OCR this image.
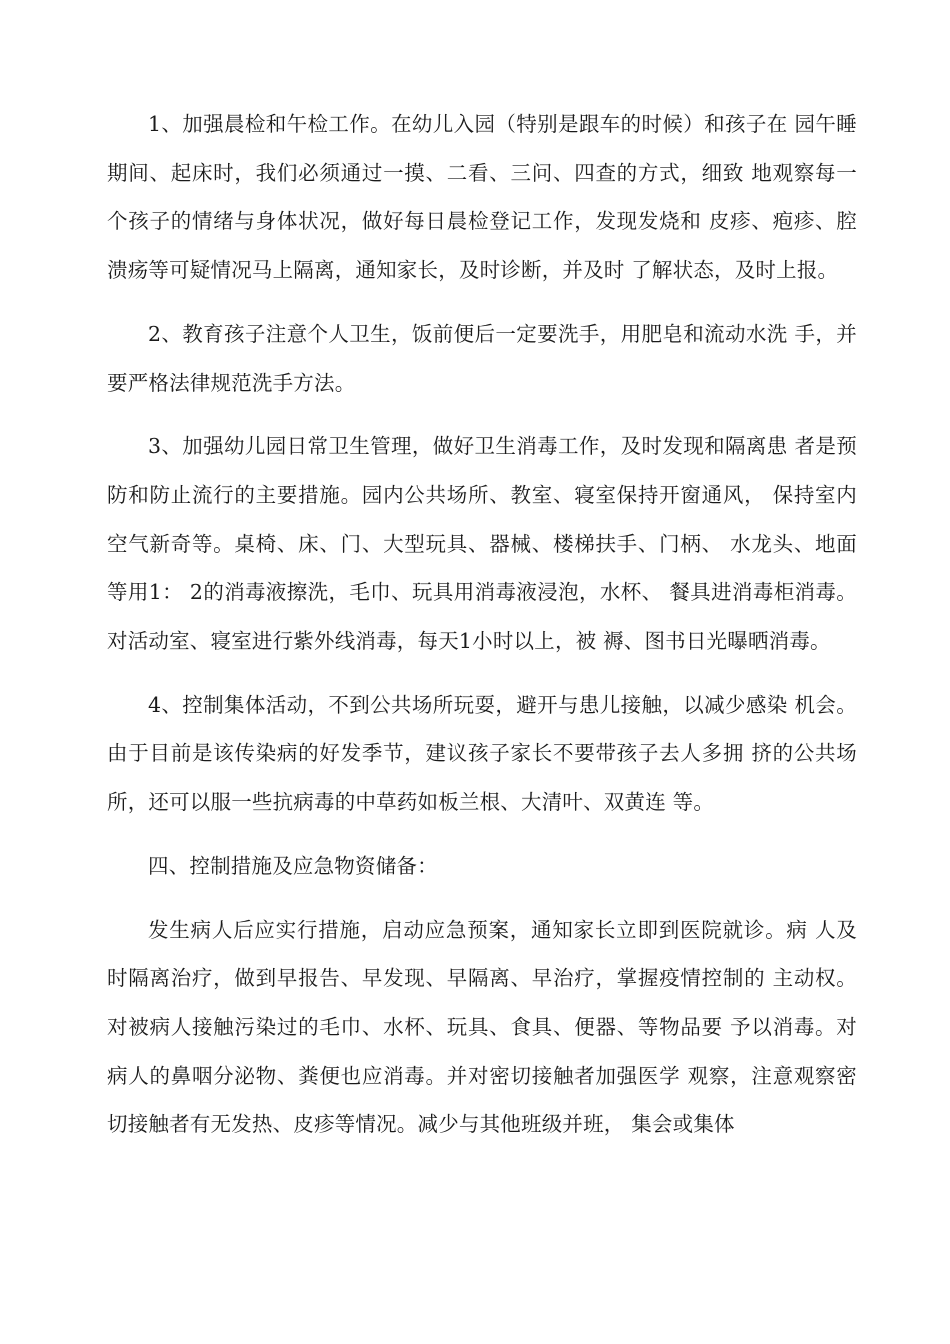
1、加强晨检和午检工作。在幼儿入园（特别是跟车的时候）和孩子在 园午睡期间、起床时，我们必须通过一摸、二看、三问、四查的方式，细致 地观察每一个孩子的情绪与身体状况，做好每日晨检登记工作，发现发烧和 皮疹、疱疹、腔溃疡等可疑情况马上隔离，通知家长，及时诊断，并及时 了解状态，及时上报。

2、教育孩子注意个人卫生，饭前便后一定要洗手，用肥皂和流动水洗 手，并要严格法律规范洗手方法。

3、加强幼儿园日常卫生管理，做好卫生消毒工作，及时发现和隔离患 者是预防和防止流行的主要措施。园内公共场所、教室、寝室保持开窗通风， 保持室内空气新奇等。桌椅、床、门、大型玩具、器械、楼梯扶手、门柄、 水龙头、地面等用1： 2的消毒液擦洗，毛巾、玩具用消毒液浸泡，水杯、 餐具进消毒柜消毒。对活动室、寝室进行紫外线消毒，每天1小时以上，被 褥、图书日光曝晒消毒。

4、控制集体活动，不到公共场所玩耍，避开与患儿接触，以减少感染 机会。由于目前是该传染病的好发季节，建议孩子家长不要带孩子去人多拥 挤的公共场所，还可以服一些抗病毒的中草药如板兰根、大清叶、双黄连 等。

四、控制措施及应急物资储备：

发生病人后应实行措施，启动应急预案，通知家长立即到医院就诊。病 人及时隔离治疗，做到早报告、早发现、早隔离、早治疗，掌握疫情控制的 主动权。对被病人接触污染过的毛巾、水杯、玩具、食具、便器、等物品要 予以消毒。对病人的鼻咽分泌物、粪便也应消毒。并对密切接触者加强医学 观察，注意观察密切接触者有无发热、皮疹等情况。减少与其他班级并班， 集会或集体
